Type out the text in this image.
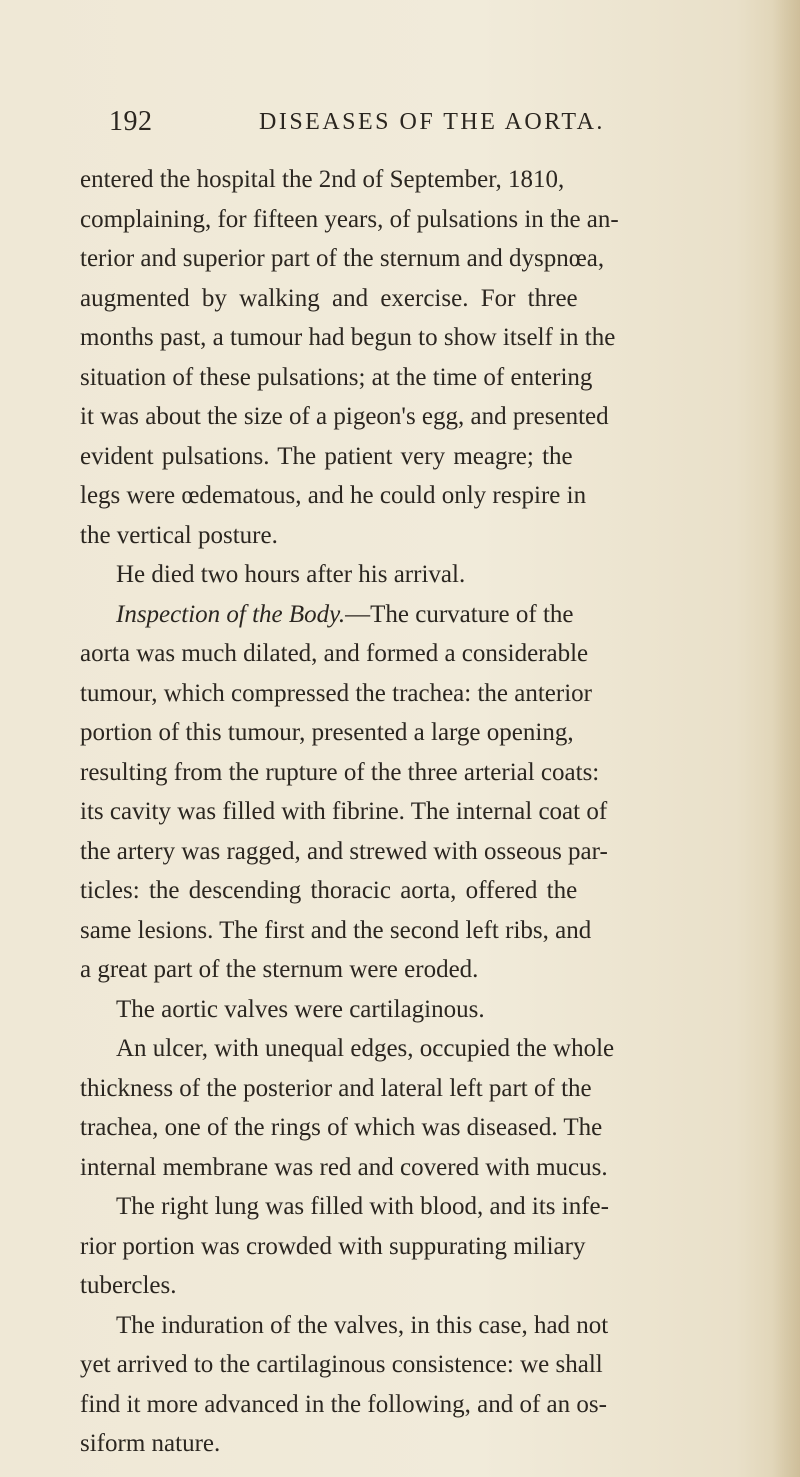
192	DISEASES OF THE AORTA.
entered the hospital the 2nd of September, 1810,
complaining, for fifteen years, of pulsations in the an-
terior and superior part of the sternum and dyspnœa,
augmented by walking and exercise. For three
months past, a tumour had begun to show itself in the
situation of these pulsations; at the time of entering
it was about the size of a pigeon's egg, and presented
evident pulsations. The patient very meagre; the
legs were œdematous, and he could only respire in
the vertical posture.
He died two hours after his arrival.
Inspection of the Body.—The curvature of the
aorta was much dilated, and formed a considerable
tumour, which compressed the trachea: the anterior
portion of this tumour, presented a large opening,
resulting from the rupture of the three arterial coats:
its cavity was filled with fibrine. The internal coat of
the artery was ragged, and strewed with osseous par-
ticles: the descending thoracic aorta, offered the
same lesions. The first and the second left ribs, and
a great part of the sternum were eroded.
The aortic valves were cartilaginous.
An ulcer, with unequal edges, occupied the whole
thickness of the posterior and lateral left part of the
trachea, one of the rings of which was diseased. The
internal membrane was red and covered with mucus.
The right lung was filled with blood, and its infe-
rior portion was crowded with suppurating miliary
tubercles.
The induration of the valves, in this case, had not
yet arrived to the cartilaginous consistence: we shall
find it more advanced in the following, and of an os-
siform nature.
